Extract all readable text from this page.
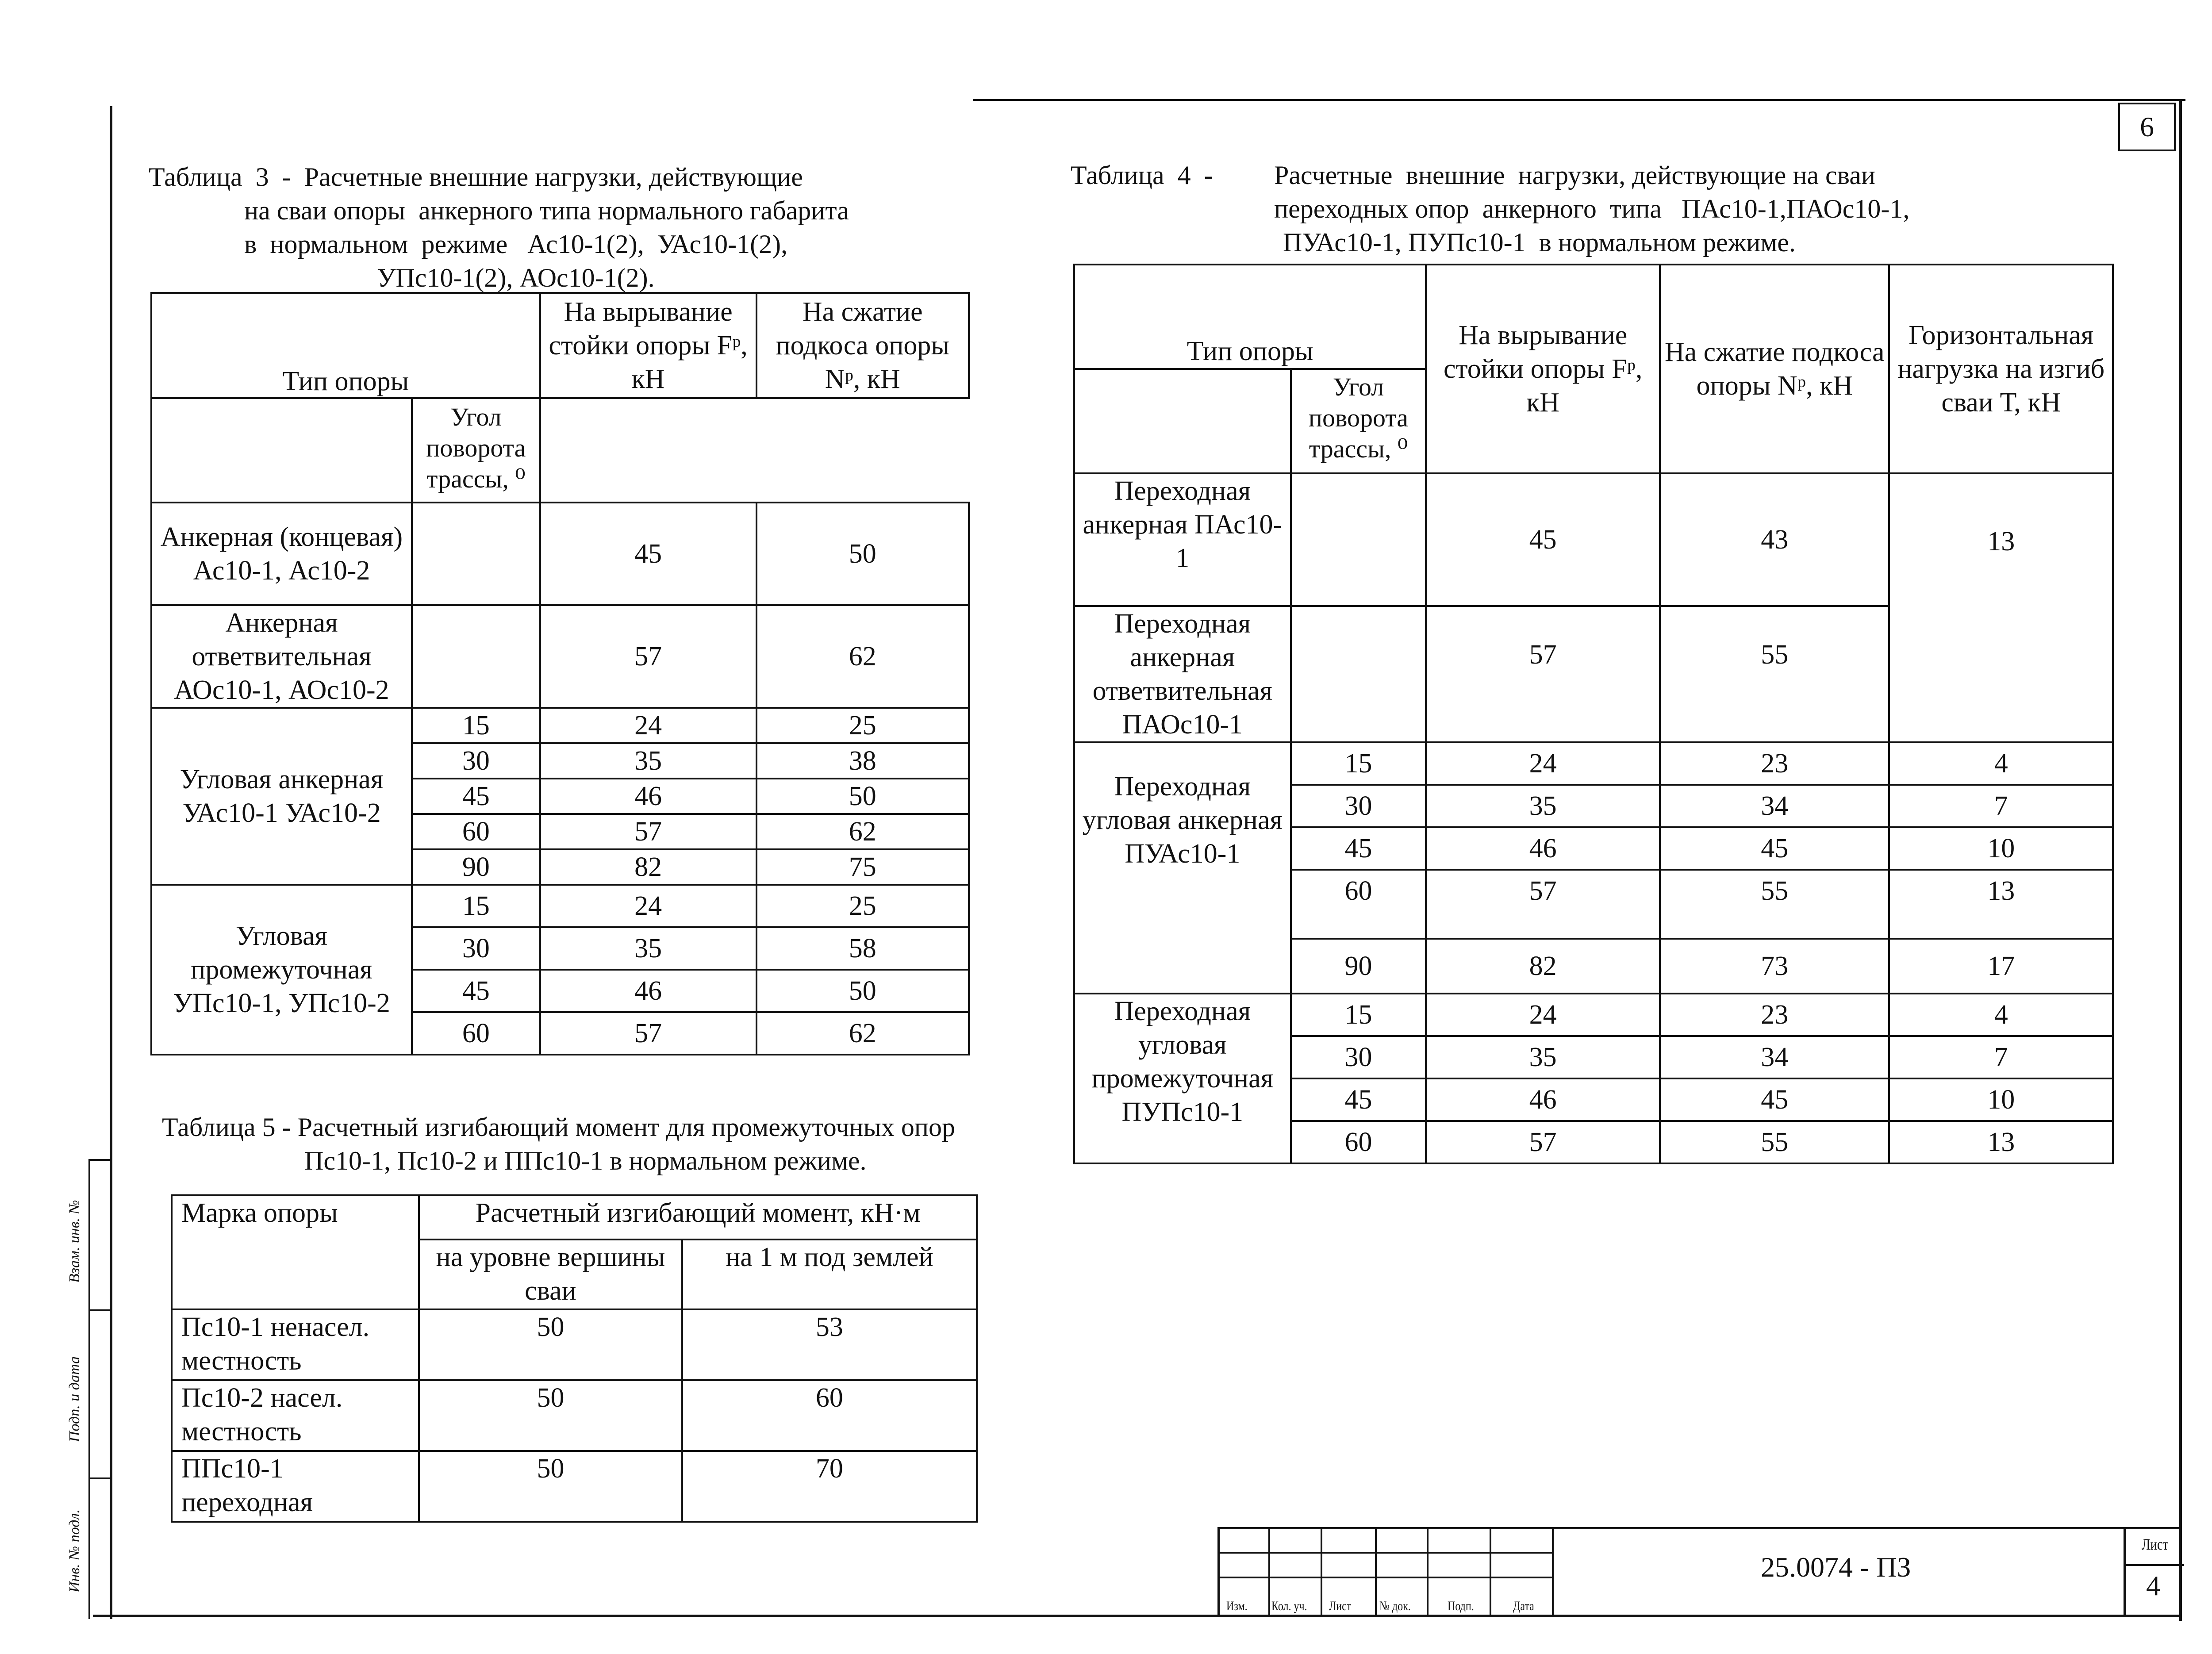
6
Таблица  3  -  Расчетные внешние нагрузки, действующие
на сваи опоры  анкерного типа нормального габарита
в  нормальном  режиме   Ас10-1(2),  УАс10-1(2),
УПс10-1(2), АОс10-1(2).
Тип опоры		На вырывание стойки опоры Fᵖ, кН	На сжатие подкоса опоры Nᵖ, кН

	Угол поворота трассы, ⁰	
Анкерная (концевая) Ас10-1, Ас10-2		45	50
Анкерная ответвительная АОс10-1, АОс10-2		57	62
Угловая анкерная УАс10-1 УАс10-2	15	24	25
	30	35	38
	45	46	50
	60	57	62
	90	82	75
Угловая промежуточная УПс10-1, УПс10-2	15	24	25
	30	35	58
	45	46	50
	60	57	62
Таблица  4  - Расчетные  внешние  нагрузки, действующие на сваи
переходных опор  анкерного  типа   ПАс10-1,ПАОс10-1,
ПУАс10-1, ПУПс10-1  в нормальном режиме.
Тип опоры		На вырывание стойки опоры Fᵖ, кН	На сжатие подкоса опоры Nᵖ, кН	Горизонтальная нагрузка на изгиб сваи Т, кН
	Угол поворота трассы, ⁰			
Переходная анкерная ПАс10-1		45	43	13
Переходная анкерная ответвительная ПАОс10-1		57	55	
Переходная угловая анкерная ПУАс10-1	15	24	23	4
	30	35	34	7
	45	46	45	10
	60	57	55	13
	90	82	73	17
Переходная угловая промежуточная ПУПс10-1	15	24	23	4
	30	35	34	7
	45	46	45	10
	60	57	55	13
Таблица 5 - Расчетный изгибающий момент для промежуточных опор
Пс10-1, Пс10-2 и ППс10-1 в нормальном режиме.
Марка опоры	Расчетный изгибающий момент, кН·м	
	на уровне вершины сваи	на 1 м под землей
Пс10-1 ненасел. местность	50	53
Пс10-2 насел. местность	50	60
ППс10-1 переходная	50	70
Взам. инв. №
Подп. и дата
Инв. № подл.

Изм. Кол. уч. Лист № док.	Подп.	Дата
25.0074 - ПЗ
Лист
4
